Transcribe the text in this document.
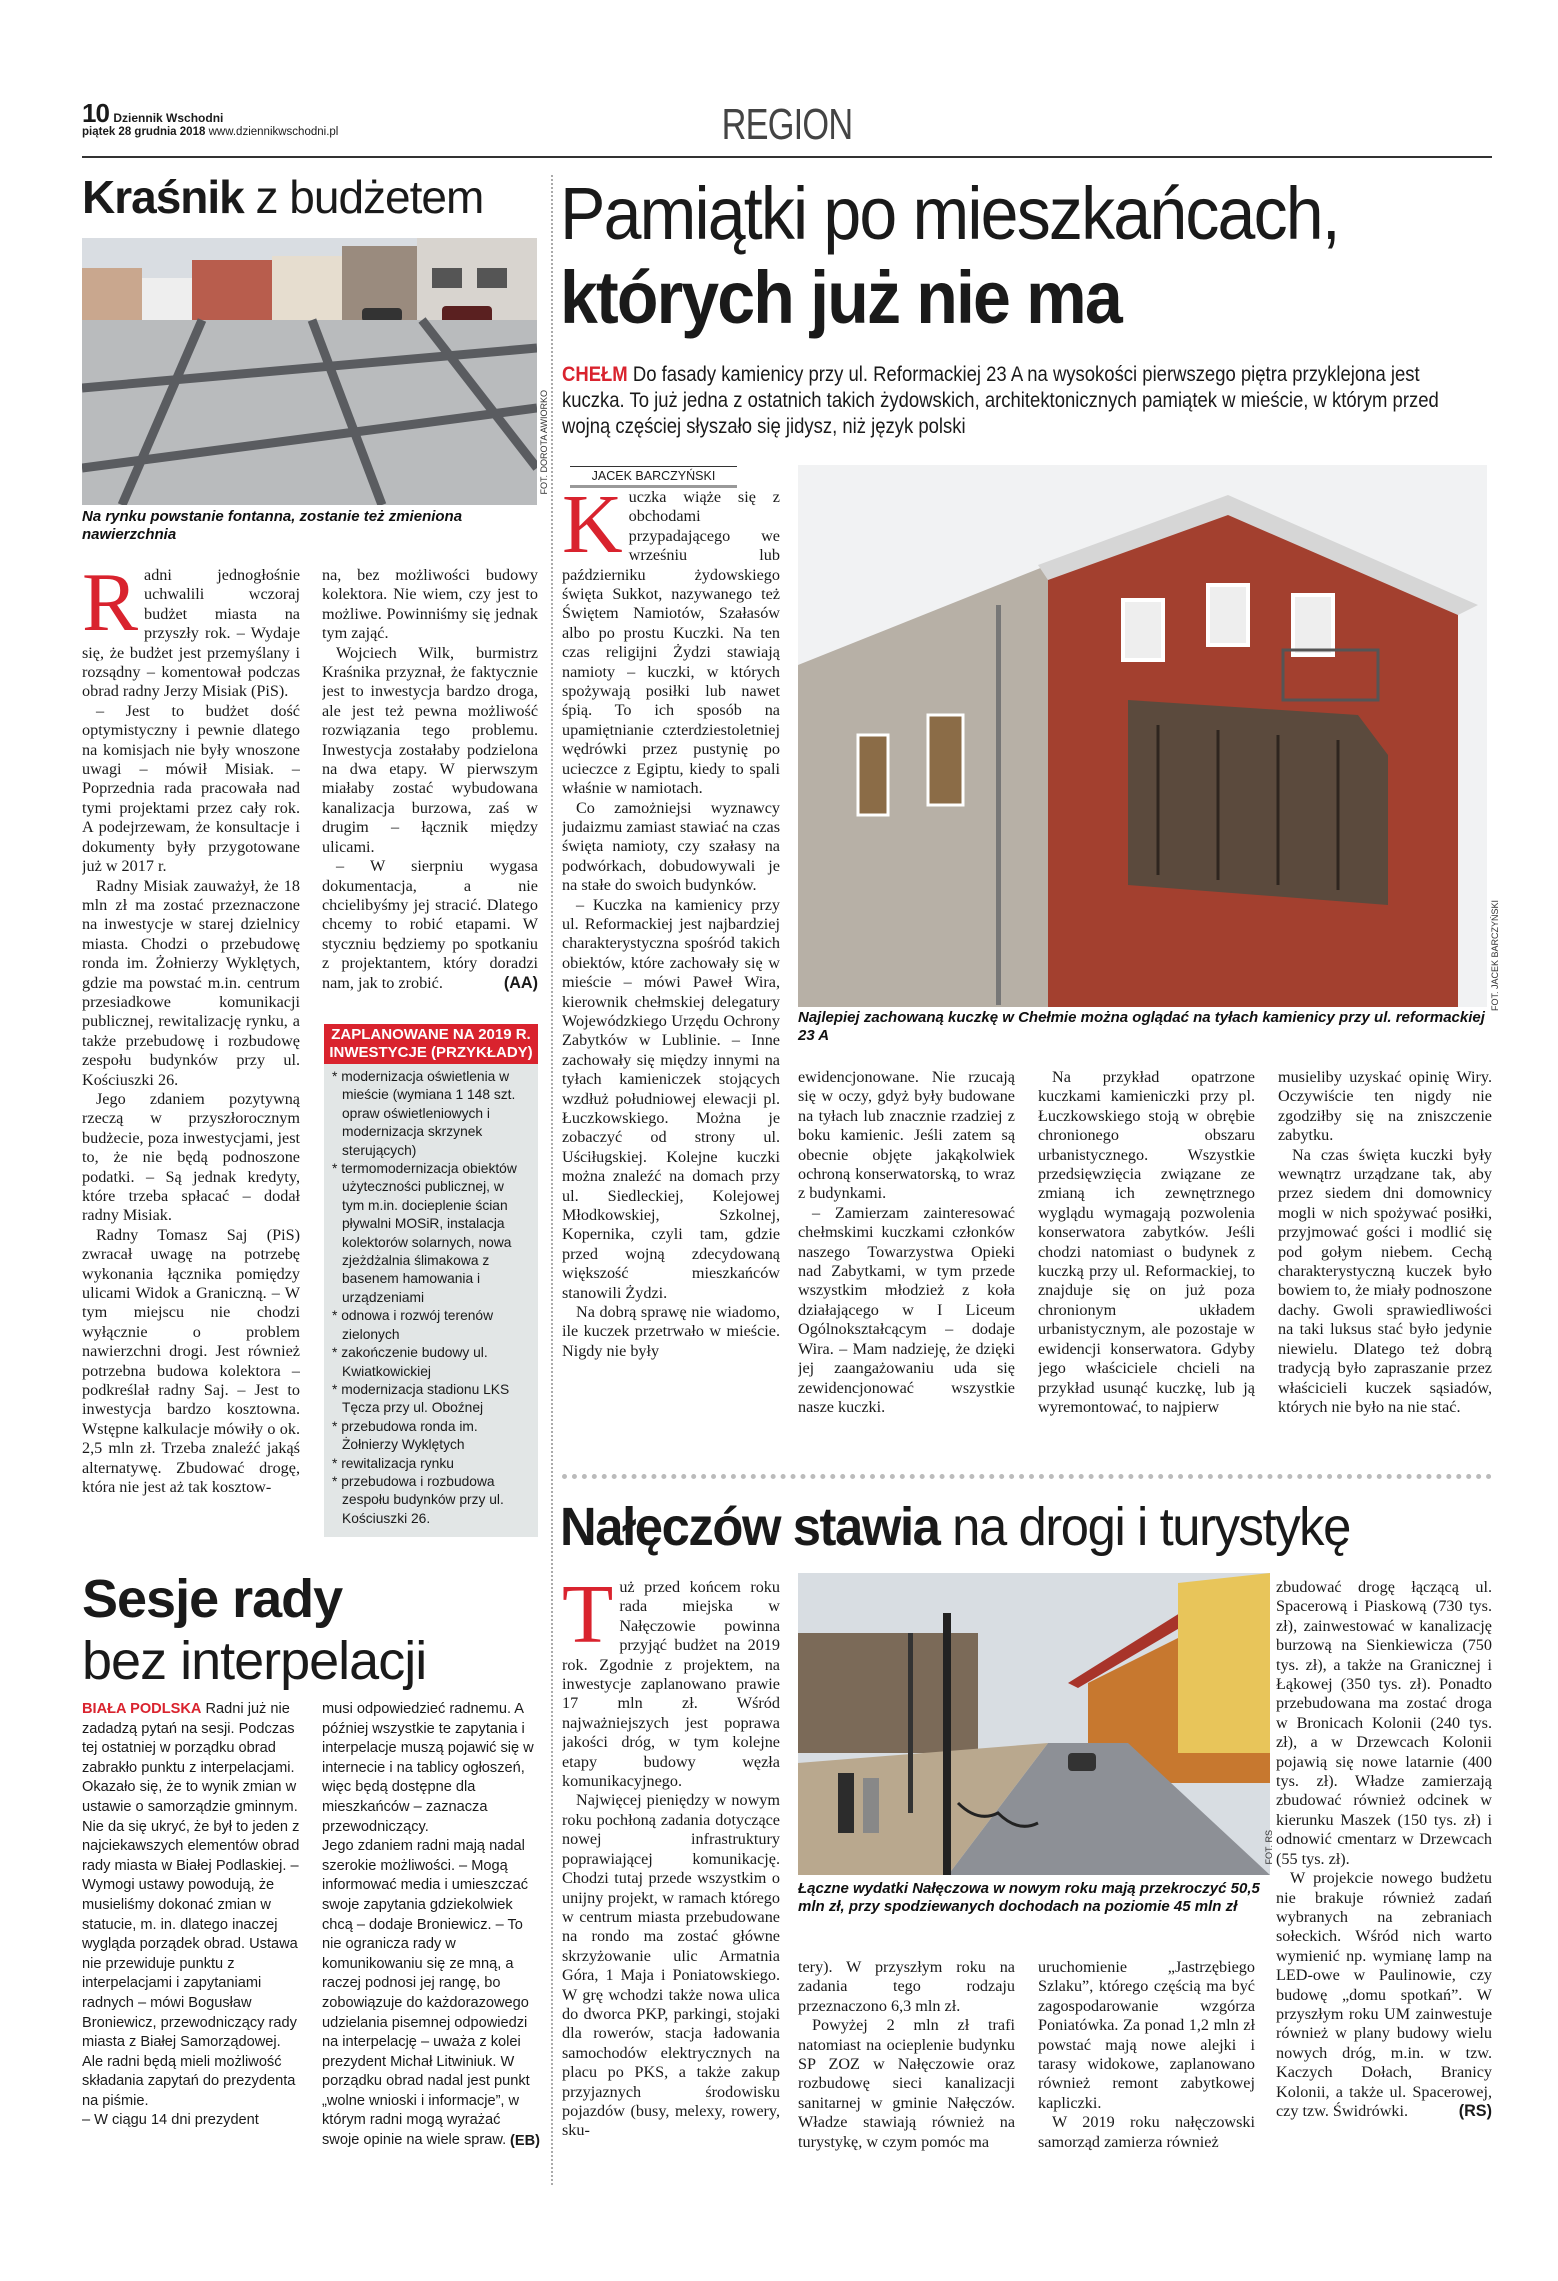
10 Dziennik Wschodni
piątek 28 grudnia 2018 www.dziennikwschodni.pl	REGION
Kraśnik z budżetem
FOT. DOROTA AWIORKO
Na rynku powstanie fontanna, zostanie też zmieniona nawierzchnia
R adni jednogłośnie uchwalili wczoraj budżet miasta na przyszły rok. – Wydaje się, że budżet jest przemyślany i rozsądny – komentował podczas obrad radny Jerzy Misiak (PiS).

– Jest to budżet dość optymistyczny i pewnie dlatego na komisjach nie były wnoszone uwagi – mówił Misiak. – Poprzednia rada pracowała nad tymi projektami przez cały rok. A podejrzewam, że konsultacje i dokumenty były przygotowane już w 2017 r.

Radny Misiak zauważył, że 18 mln zł ma zostać przeznaczone na inwestycje w starej dzielnicy miasta. Chodzi o przebudowę ronda im. Żołnierzy Wyklętych, gdzie ma powstać m.in. centrum przesiadkowe komunikacji publicznej, rewitalizację rynku, a także przebudowę i rozbudowę zespołu budynków przy ul. Kościuszki 26.

Jego zdaniem pozytywną rzeczą w przyszłorocznym budżecie, poza inwestycjami, jest to, że nie będą podnoszone podatki. – Są jednak kredyty, które trzeba spłacać – dodał radny Misiak.

Radny Tomasz Saj (PiS) zwracał uwagę na potrzebę wykonania łącznika pomiędzy ulicami Widok a Graniczną. – W tym miejscu nie chodzi wyłącznie o problem nawierzchni drogi. Jest również potrzebna budowa kolektora – podkreślał radny Saj. – Jest to inwestycja bardzo kosztowna. Wstępne kalkulacje mówiły o ok. 2,5 mln zł. Trzeba znaleźć jakąś alternatywę. Zbudować drogę, która nie jest aż tak kosztow-

na, bez możliwości budowy kolektora. Nie wiem, czy jest to możliwe. Powinniśmy się jednak tym zająć.

Wojciech Wilk, burmistrz Kraśnika przyznał, że faktycznie jest to inwestycja bardzo droga, ale jest też pewna możliwość rozwiązania tego problemu. Inwestycja zostałaby podzielona na dwa etapy. W pierwszym miałaby zostać wybudowana kanalizacja burzowa, zaś w drugim – łącznik między ulicami.

– W sierpniu wygasa dokumentacja, a nie chcielibyśmy jej stracić. Dlatego chcemy to robić etapami. W styczniu będziemy po spotkaniu z projektantem, który doradzi nam, jak to zrobić.	(AA)
ZAPLANOWANE NA 2019 R. INWESTYCJE (PRZYKŁADY)
* modernizacja oświetlenia w mieście (wymiana 1 148 szt. opraw oświetleniowych i modernizacja skrzynek sterujących)
* termomodernizacja obiektów użyteczności publicznej, w tym m.in. docieplenie ścian pływalni MOSiR, instalacja kolektorów solarnych, nowa zjeżdżalnia ślimakowa z basenem hamowania i urządzeniami
* odnowa i rozwój terenów zielonych
* zakończenie budowy ul. Kwiatkowickiej
* modernizacja stadionu LKS Tęcza przy ul. Oboźnej
* przebudowa ronda im. Żołnierzy Wyklętych
* rewitalizacja rynku
* przebudowa i rozbudowa zespołu budynków przy ul. Kościuszki 26.
Sesje rady
bez interpelacji
BIAŁA PODLSKA Radni już nie zadadzą pytań na sesji. Podczas tej ostatniej w porządku obrad zabrakło punktu z interpelacjami. Okazało się, że to wynik zmian w ustawie o samorządzie gminnym.

Nie da się ukryć, że był to jeden z najciekawszych elementów obrad rady miasta w Białej Podlaskiej. – Wymogi ustawy powodują, że musieliśmy dokonać zmian w statucie, m. in. dlatego inaczej wygląda porządek obrad. Ustawa nie przewiduje punktu z interpelacjami i zapytaniami radnych – mówi Bogusław Broniewicz, przewodniczący rady miasta z Białej Samorządowej.

Ale radni będą mieli możliwość składania zapytań do prezydenta na piśmie.

– W ciągu 14 dni prezydent

musi odpowiedzieć radnemu. A później wszystkie te zapytania i interpelacje muszą pojawić się w internecie i na tablicy ogłoszeń, więc będą dostępne dla mieszkańców – zaznacza przewodniczący.

Jego zdaniem radni mają nadal szerokie możliwości. – Mogą informować media i umieszczać swoje zapytania gdziekolwiek chcą – dodaje Broniewicz. – To nie ogranicza rady w komunikowaniu się ze mną, a raczej podnosi jej rangę, bo zobowiązuje do każdorazowego udzielania pisemnej odpowiedzi na interpelację – uważa z kolei prezydent Michał Litwiniuk. W porządku obrad nadal jest punkt „wolne wnioski i informacje”, w którym radni mogą wyrażać swoje opinie na wiele spraw. (EB)
Pamiątki po mieszkańcach,
których już nie ma
CHEŁM Do fasady kamienicy przy ul. Reformackiej 23 A na wysokości pierwszego piętra przyklejona jest kuczka. To już jedna z ostatnich takich żydowskich, architektonicznych pamiątek w mieście, w którym przed wojną częściej słyszało się jidysz, niż język polski
JACEK BARCZYŃSKI
FOT. JACEK BARCZYŃSKI
Najlepiej zachowaną kuczkę w Chełmie można oglądać na tyłach kamienicy przy ul. reformackiej 23 A
K uczka wiąże się z obchodami przypadającego we wrześniu lub październiku żydowskiego święta Sukkot, nazywanego też Świętem Namiotów, Szałasów albo po prostu Kuczki. Na ten czas religijni Żydzi stawiają namioty – kuczki, w których spożywają posiłki lub nawet śpią. To ich sposób na upamiętnianie czterdziestoletniej wędrówki przez pustynię po ucieczce z Egiptu, kiedy to spali właśnie w namiotach.

Co zamożniejsi wyznawcy judaizmu zamiast stawiać na czas święta namioty, czy szałasy na podwórkach, dobudowywali je na stałe do swoich budynków.

– Kuczka na kamienicy przy ul. Reformackiej jest najbardziej charakterystyczna spośród takich obiektów, które zachowały się w mieście – mówi Paweł Wira, kierownik chełmskiej delegatury Wojewódzkiego Urzędu Ochrony Zabytków w Lublinie. – Inne zachowały się między innymi na tyłach kamieniczek stojących wzdłuż południowej elewacji pl. Łuczkowskiego. Można je zobaczyć od strony ul. Uściługskiej. Kolejne kuczki można znaleźć na domach przy ul. Siedleckiej, Kolejowej Młodkowskiej, Szkolnej, Kopernika, czyli tam, gdzie przed wojną zdecydowaną większość mieszkańców stanowili Żydzi.

Na dobrą sprawę nie wiadomo, ile kuczek przetrwało w mieście. Nigdy nie były

ewidencjonowane. Nie rzucają się w oczy, gdyż były budowane na tyłach lub znacznie rzadziej z boku kamienic. Jeśli zatem są obecnie objęte jakąkolwiek ochroną konserwatorską, to wraz z budynkami.

– Zamierzam zainteresować chełmskimi kuczkami członków naszego Towarzystwa Opieki nad Zabytkami, w tym przede wszystkim młodzież z koła działającego w I Liceum Ogólnokształcącym – dodaje Wira. – Mam nadzieję, że dzięki jej zaangażowaniu uda się zewidencjonować wszystkie nasze kuczki.

Na przykład opatrzone kuczkami kamieniczki przy pl. Łuczkowskiego stoją w obrębie chronionego obszaru urbanistycznego. Wszystkie przedsięwzięcia związane ze zmianą ich zewnętrznego wyglądu wymagają pozwolenia konserwatora zabytków. Jeśli chodzi natomiast o budynek z kuczką przy ul. Reformackiej, to znajduje się on już poza chronionym układem urbanistycznym, ale pozostaje w ewidencji konserwatora. Gdyby jego właściciele chcieli na przykład usunąć kuczkę, lub ją wyremontować, to najpierw

musieliby uzyskać opinię Wiry. Oczywiście ten nigdy nie zgodziłby się na zniszczenie zabytku.

Na czas święta kuczki były wewnątrz urządzane tak, aby przez siedem dni domownicy mogli w nich spożywać posiłki, przyjmować gości i modlić się pod gołym niebem. Cechą charakterystyczną kuczek było bowiem to, że miały podnoszone dachy. Gwoli sprawiedliwości na taki luksus stać było jedynie niewielu. Dlatego też dobrą tradycją było zapraszanie przez właścicieli kuczek sąsiadów, których nie było na nie stać.

Nałęczów stawia na drogi i turystykę
FOT. RS
Łączne wydatki Nałęczowa w nowym roku mają przekroczyć 50,5 mln zł, przy spodziewanych dochodach na poziomie 45 mln zł
T uż przed końcem roku rada miejska w Nałęczowie powinna przyjąć budżet na 2019 rok. Zgodnie z projektem, na inwestycje zaplanowano prawie 17 mln zł. Wśród najważniejszych jest poprawa jakości dróg, w tym kolejne etapy budowy węzła komunikacyjnego.

Najwięcej pieniędzy w nowym roku pochłoną zadania dotyczące nowej infrastruktury poprawiającej komunikację. Chodzi tutaj przede wszystkim o unijny projekt, w ramach którego w centrum miasta przebudowane na rondo ma zostać główne skrzyżowanie ulic Armatnia Góra, 1 Maja i Poniatowskiego. W grę wchodzi także nowa ulica do dworca PKP, parkingi, stojaki dla rowerów, stacja ładowania samochodów elektrycznych na placu po PKS, a także zakup przyjaznych środowisku pojazdów (busy, melexy, rowery, sku-

tery). W przyszłym roku na zadania tego rodzaju przeznaczono 6,3 mln zł.

Powyżej 2 mln zł trafi natomiast na ocieplenie budynku SP ZOZ w Nałęczowie oraz rozbudowę sieci kanalizacji sanitarnej w gminie Nałęczów. Władze stawiają również na turystykę, w czym pomóc ma

uruchomienie „Jastrzębiego Szlaku”, którego częścią ma być zagospodarowanie wzgórza Poniatówka. Za ponad 1,2 mln zł powstać mają nowe alejki i tarasy widokowe, zaplanowano również remont zabytkowej kapliczki.

W 2019 roku nałęczowski samorząd zamierza również

zbudować drogę łączącą ul. Spacerową i Piaskową (730 tys. zł), zainwestować w kanalizację burzową na Sienkiewicza (750 tys. zł), a także na Granicznej i Łąkowej (350 tys. zł). Ponadto przebudowana ma zostać droga w Bronicach Kolonii (240 tys. zł), a w Drzewcach Kolonii pojawią się nowe latarnie (400 tys. zł). Władze zamierzają zbudować również odcinek w kierunku Maszek (150 tys. zł) i odnowić cmentarz w Drzewcach (55 tys. zł).

W projekcie nowego budżetu nie brakuje również zadań wybranych na zebraniach sołeckich. Wśród nich warto wymienić np. wymianę lamp na LED-owe w Paulinowie, czy budowę „domu spotkań”. W przyszłym roku UM zainwestuje również w plany budowy wielu nowych dróg, m.in. w tzw. Kaczych Dołach, Branicy Kolonii, a także ul. Spacerowej, czy tzw. Świdrówki.	(RS)
